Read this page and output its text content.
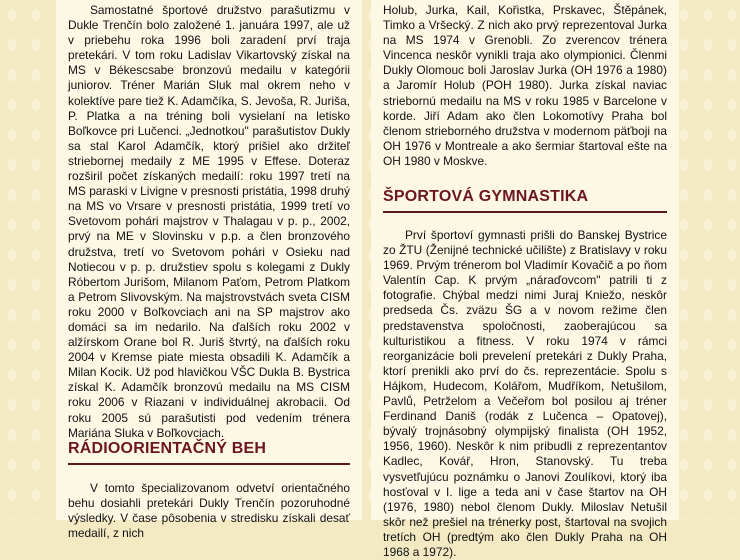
Samostatné športové družstvo parašutizmu v Dukle Trenčín bolo založené 1. januára 1997, ale už v priebehu roka 1996 boli zaradení prví traja pretekári. V tom roku Ladislav Vikartovský získal na MS v Békescsabe bronzovú medailu v kategórii juniorov. Tréner Marián Sluk mal okrem neho v kolektíve pare tiež K. Adamčíka, S. Jevoša, R. Juriša, P. Platka a na tréning boli vysielaní na letisko Boľkovce pri Lučenci. „Jednotkou" parašutistov Dukly sa stal Karol Adamčík, ktorý prišiel ako držiteľ striebornej medaily z ME 1995 v Effese. Doteraz rozširil počet získaných medailí: roku 1997 tretí na MS paraski v Livigne v presnosti pristátia, 1998 druhý na MS vo Vrsare v presnosti pristátia, 1999 tretí vo Svetovom pohári majstrov v Thalagau v p. p., 2002, prvý na ME v Slovinsku v p.p. a člen bronzového družstva, tretí vo Svetovom pohári v Osieku nad Notiecou v p. p. družstiev spolu s kolegami z Dukly Róbertom Jurišom, Milanom Paťom, Petrom Platkom a Petrom Slivovským. Na majstrovstvách sveta CISM roku 2000 v Boľkovciach ani na SP majstrov ako domáci sa im nedarilo. Na ďalších roku 2002 v alžírskom Orane bol R. Juriš štvrtý, na ďalších roku 2004 v Kremse piate miesta obsadili K. Adamčík a Milan Kocik. Už pod hlavičkou VŠC Dukla B. Bystrica získal K. Adamčík bronzovú medailu na MS CISM roku 2006 v Riazani v individuálnej akrobacii. Od roku 2005 sú parašutisti pod vedením trénera Mariána Sluka v Boľkovciach.

RÁDIOORIENTAČNÝ BEH

V tomto špecializovanom odvetví orientačného behu dosiahli pretekári Dukly Trenčín pozoruhodné výsledky. V čase pôsobenia v stredisku získali desať medailí, z nich

Holub, Jurka, Kail, Kořistka, Prskavec, Štěpánek, Timko a Vršecký. Z nich ako prvý reprezentoval Jurka na MS 1974 v Grenobli. Zo zverencov trénera Vincenca neskôr vynikli traja ako olympionici. Členmi Dukly Olomouc boli Jaroslav Jurka (OH 1976 a 1980) a Jaromír Holub (POH 1980). Jurka získal naviac striebornú medailu na MS v roku 1985 v Barcelone v korde. Jiří Adam ako člen Lokomotívy Praha bol členom strieborného družstva v modernom päťboji na OH 1976 v Montreale a ako šermiar štartoval ešte na OH 1980 v Moskve.

ŠPORTOVÁ GYMNASTIKA

Prví športoví gymnasti prišli do Banskej Bystrice zo ŽTU (Ženijné technické učilište) z Bratislavy v roku 1969. Prvým trénerom bol Vladimír Kovačič a po ňom Valentín Cap. K prvým „náraďovcom" patrili ti z fotografie. Chýbal medzi nimi Juraj Kniežo, neskôr predseda Čs. zväzu ŠG a v novom režime člen predstavenstva spoločnosti, zaoberajúcou sa kulturistikou a fitness. V roku 1974 v rámci reorganizácie boli prevelení pretekári z Dukly Praha, ktorí prenikli ako prví do čs. reprezentácie. Spolu s Hájkom, Hudecom, Kolářom, Mudříkom, Netušilom, Pavlů, Petrželom a Večeřom bol posilou aj tréner Ferdinand Daniš (rodák z Lučenca – Opatovej), bývalý trojnásobný olympijský finalista (OH 1952, 1956, 1960). Neskôr k nim pribudli z reprezentantov Kadlec, Kovář, Hron, Stanovský. Tu treba vysvetľujúcu poznámku o Janovi Zoulíkovi, ktorý iba hosťoval v I. lige a teda ani v čase štartov na OH (1976, 1980) nebol členom Dukly. Miloslav Netušil skôr než prešiel na trénerky post, štartoval na svojich tretích OH (predtým ako člen Dukly Praha na OH 1968 a 1972).
